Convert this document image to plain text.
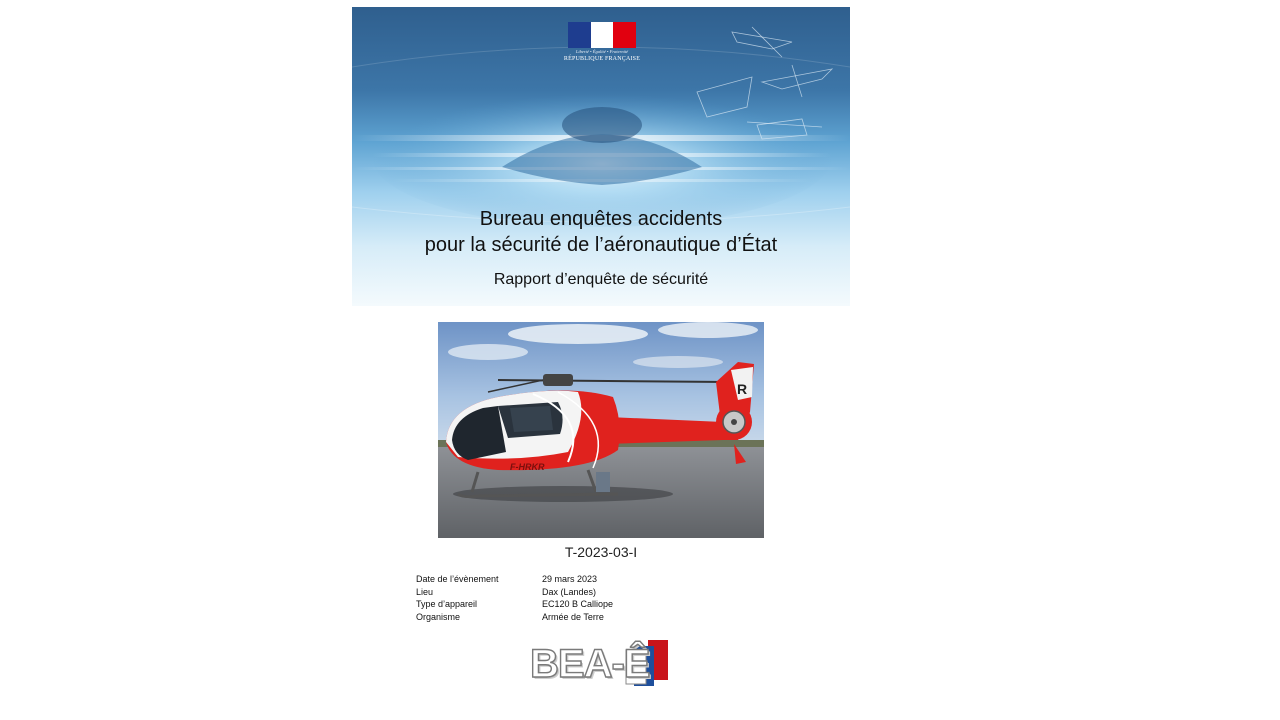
Liberté • Égalité • Fraternité
RÉPUBLIQUE FRANÇAISE
Bureau enquêtes accidents
pour la sécurité de l’aéronautique d’État
Rapport d’enquête de sécurité
R
F-HRKR
T-2023-03-I
Date de l’évènement	29 mars 2023
Lieu	Dax (Landes)
Type d’appareil	EC120 B Calliope
Organisme	Armée de Terre
BEA-Ê
